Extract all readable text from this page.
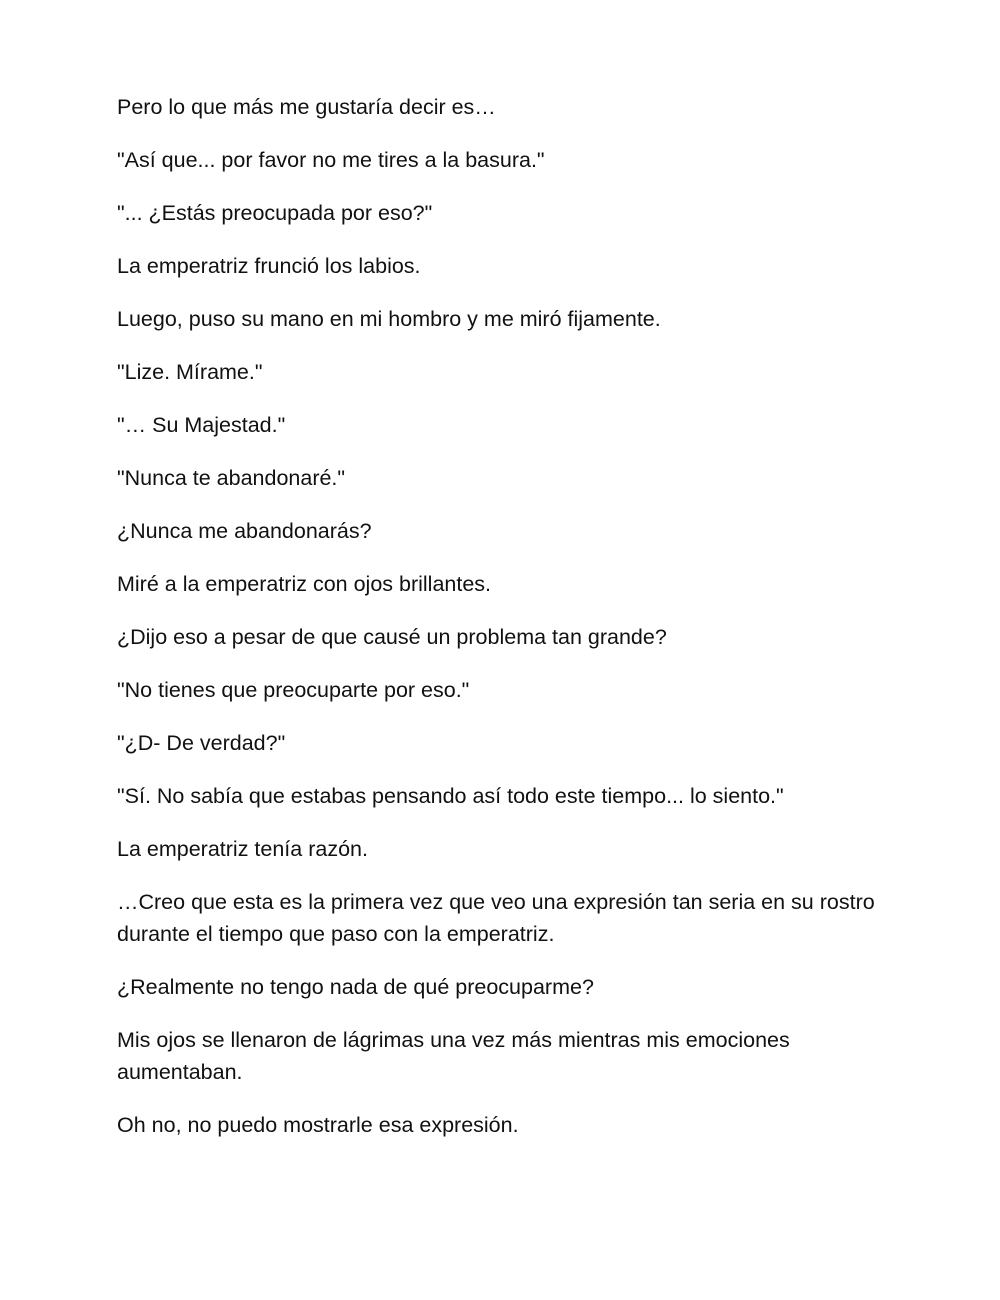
Pero lo que más me gustaría decir es…

"Así que... por favor no me tires a la basura."

"... ¿Estás preocupada por eso?"

La emperatriz frunció los labios.

Luego, puso su mano en mi hombro y me miró fijamente.

"Lize. Mírame."

"… Su Majestad."

"Nunca te abandonaré."

¿Nunca me abandonarás?

Miré a la emperatriz con ojos brillantes.

¿Dijo eso a pesar de que causé un problema tan grande?

"No tienes que preocuparte por eso."

"¿D- De verdad?"

"Sí. No sabía que estabas pensando así todo este tiempo... lo siento."

La emperatriz tenía razón.

…Creo que esta es la primera vez que veo una expresión tan seria en su rostro durante el tiempo que paso con la emperatriz.

¿Realmente no tengo nada de qué preocuparme?

Mis ojos se llenaron de lágrimas una vez más mientras mis emociones aumentaban.

Oh no, no puedo mostrarle esa expresión.
